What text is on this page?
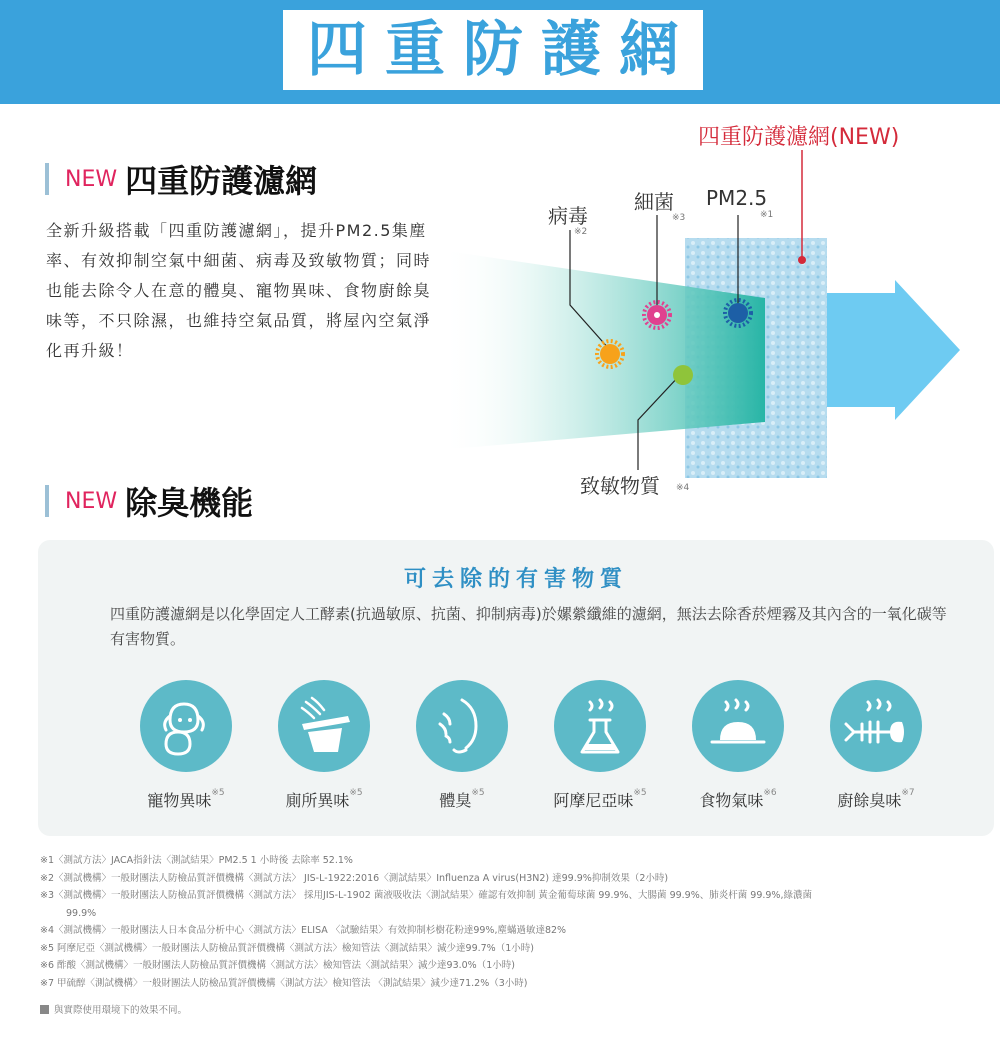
四重防護網
NEW 四重防護濾網
全新升級搭載「四重防護濾網」，提升PM2.5集塵率、有效抑制空氣中細菌、病毒及致敏物質；同時也能去除令人在意的體臭、寵物異味、食物廚餘臭味等，不只除濕，也維持空氣品質，將屋內空氣淨化再升級！
四重防護濾網(NEW)
病毒
※2
細菌
※3
PM2.5
※1
致敏物質 ※4
NEW 除臭機能
可去除的有害物質
四重防護濾網是以化學固定人工酵素(抗過敏原、抗菌、抑制病毒)於嫘縈纖維的濾網，無法去除香菸煙霧及其內含的一氧化碳等有害物質。
寵物異味$^{※5}$	廁所異味$^{※5}$	體臭$^{※5}$	阿摩尼亞味$^{※5}$	食物氣味$^{※6}$	廚餘臭味$^{※7}$
※1〈測試方法〉JACA指針法〈測試結果〉PM2.5 1 小時後 去除率 52.1%
※2〈測試機構〉一般財團法人防檢品質評價機構〈測試方法〉 JIS-L-1922:2016〈測試結果〉Influenza A virus(H3N2) 達99.9%抑制效果（2小時)
※3〈測試機構〉一般財團法人防檢品質評價機構〈測試方法〉 採用JIS-L-1902 菌液吸收法〈測試結果〉確認有效抑制 黃金葡萄球菌 99.9%、大腸菌 99.9%、肺炎杆菌 99.9%,綠濃菌
99.9%
※4〈測試機構〉一般財團法人日本食品分析中心〈測試方法〉ELISA 〈試驗結果〉有效抑制杉樹花粉達99%,塵蟎過敏達82%
※5 阿摩尼亞〈測試機構〉一般財團法人防檢品質評價機構〈測試方法〉檢知管法〈測試結果〉減少達99.7%（1小時)
※6 酢酸〈測試機構〉一般財團法人防檢品質評價機構〈測試方法〉檢知管法〈測試結果〉減少達93.0%（1小時)
※7 甲硫醇〈測試機構〉一般財團法人防檢品質評價機構〈測試方法〉檢知管法 〈測試結果〉減少達71.2%（3小時)
與實際使用環境下的效果不同。
